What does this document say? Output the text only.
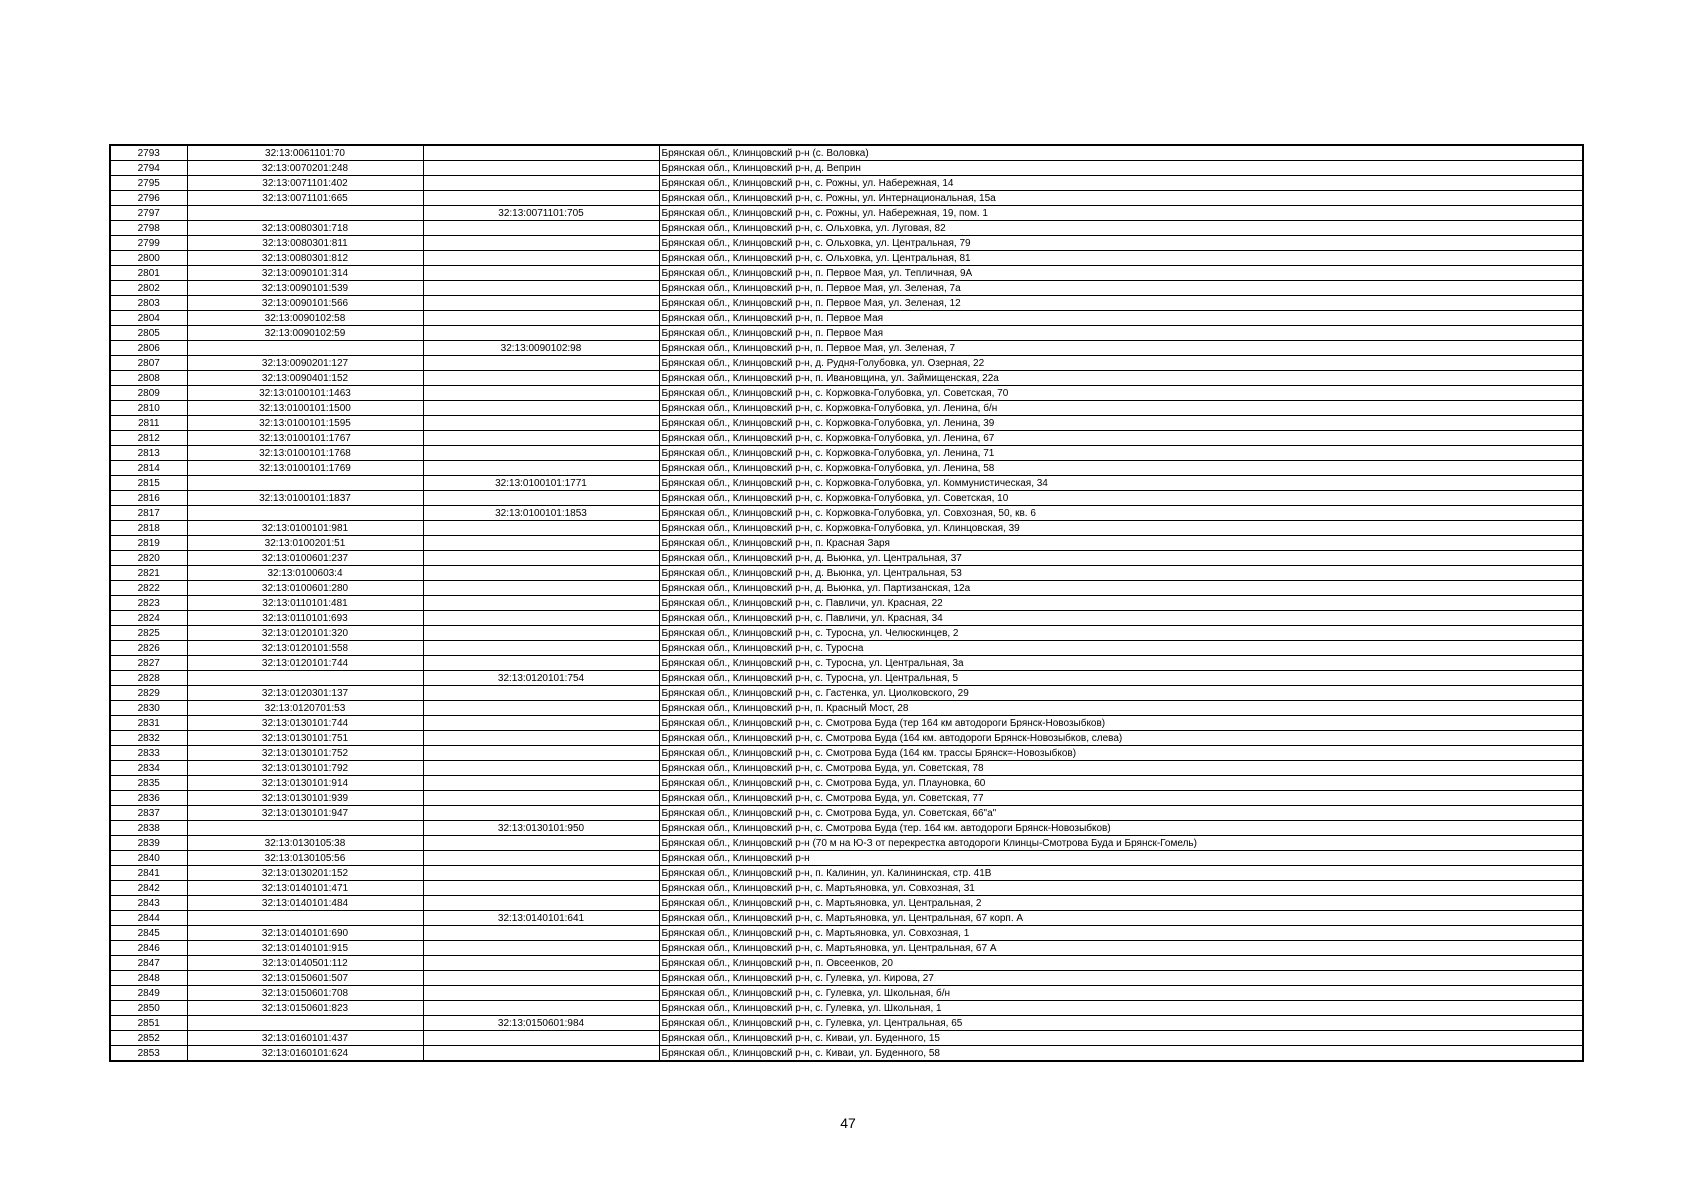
2793	32:13:0061101:70		Брянская обл., Клинцовский р-н (с. Воловка)
2794	32:13:0070201:248		Брянская обл., Клинцовский р-н, д. Веприн
2795	32:13:0071101:402		Брянская обл., Клинцовский р-н, с. Рожны, ул. Набережная, 14
2796	32:13:0071101:665		Брянская обл., Клинцовский р-н, с. Рожны, ул. Интернациональная, 15а
2797		32:13:0071101:705	Брянская обл., Клинцовский р-н, с. Рожны, ул. Набережная, 19, пом. 1
2798	32:13:0080301:718		Брянская обл., Клинцовский р-н, с. Ольховка, ул. Луговая, 82
2799	32:13:0080301:811		Брянская обл., Клинцовский р-н, с. Ольховка, ул. Центральная, 79
2800	32:13:0080301:812		Брянская обл., Клинцовский р-н, с. Ольховка, ул. Центральная, 81
2801	32:13:0090101:314		Брянская обл., Клинцовский р-н, п. Первое Мая, ул. Тепличная, 9А
2802	32:13:0090101:539		Брянская обл., Клинцовский р-н, п. Первое Мая, ул. Зеленая, 7а
2803	32:13:0090101:566		Брянская обл., Клинцовский р-н, п. Первое Мая, ул. Зеленая, 12
2804	32:13:0090102:58		Брянская обл., Клинцовский р-н, п. Первое Мая
2805	32:13:0090102:59		Брянская обл., Клинцовский р-н, п. Первое Мая
2806		32:13:0090102:98	Брянская обл., Клинцовский р-н, п. Первое Мая, ул. Зеленая, 7
2807	32:13:0090201:127		Брянская обл., Клинцовский р-н, д. Рудня-Голубовка, ул. Озерная, 22
2808	32:13:0090401:152		Брянская обл., Клинцовский р-н, п. Ивановщина, ул. Займищенская, 22а
2809	32:13:0100101:1463		Брянская обл., Клинцовский р-н, с. Коржовка-Голубовка, ул. Советская, 70
2810	32:13:0100101:1500		Брянская обл., Клинцовский р-н, с. Коржовка-Голубовка, ул. Ленина, б/н
2811	32:13:0100101:1595		Брянская обл., Клинцовский р-н, с. Коржовка-Голубовка, ул. Ленина, 39
2812	32:13:0100101:1767		Брянская обл., Клинцовский р-н, с. Коржовка-Голубовка, ул. Ленина, 67
2813	32:13:0100101:1768		Брянская обл., Клинцовский р-н, с. Коржовка-Голубовка, ул. Ленина, 71
2814	32:13:0100101:1769		Брянская обл., Клинцовский р-н, с. Коржовка-Голубовка, ул. Ленина, 58
2815		32:13:0100101:1771	Брянская обл., Клинцовский р-н, с. Коржовка-Голубовка, ул. Коммунистическая, 34
2816	32:13:0100101:1837		Брянская обл., Клинцовский р-н, с. Коржовка-Голубовка, ул. Советская, 10
2817		32:13:0100101:1853	Брянская обл., Клинцовский р-н, с. Коржовка-Голубовка, ул. Совхозная, 50, кв. 6
2818	32:13:0100101:981		Брянская обл., Клинцовский р-н, с. Коржовка-Голубовка, ул. Клинцовская, 39
2819	32:13:0100201:51		Брянская обл., Клинцовский р-н, п. Красная Заря
2820	32:13:0100601:237		Брянская обл., Клинцовский р-н, д. Вьюнка, ул. Центральная, 37
2821	32:13:0100603:4		Брянская обл., Клинцовский р-н, д. Вьюнка, ул. Центральная, 53
2822	32:13:0100601:280		Брянская обл., Клинцовский р-н, д. Вьюнка, ул. Партизанская, 12а
2823	32:13:0110101:481		Брянская обл., Клинцовский р-н, с. Павличи, ул. Красная, 22
2824	32:13:0110101:693		Брянская обл., Клинцовский р-н, с. Павличи, ул. Красная, 34
2825	32:13:0120101:320		Брянская обл., Клинцовский р-н, с. Туросна, ул. Челюскинцев, 2
2826	32:13:0120101:558		Брянская обл., Клинцовский р-н, с. Туросна
2827	32:13:0120101:744		Брянская обл., Клинцовский р-н, с. Туросна, ул. Центральная, 3а
2828		32:13:0120101:754	Брянская обл., Клинцовский р-н, с. Туросна, ул. Центральная, 5
2829	32:13:0120301:137		Брянская обл., Клинцовский р-н, с. Гастенка, ул. Циолковского, 29
2830	32:13:0120701:53		Брянская обл., Клинцовский р-н, п. Красный Мост, 28
2831	32:13:0130101:744		Брянская обл., Клинцовский р-н, с. Смотрова Буда (тер 164 км автодороги Брянск-Новозыбков)
2832	32:13:0130101:751		Брянская обл., Клинцовский р-н, с. Смотрова Буда (164 км. автодороги Брянск-Новозыбков, слева)
2833	32:13:0130101:752		Брянская обл., Клинцовский р-н, с. Смотрова Буда (164 км. трассы Брянск=-Новозыбков)
2834	32:13:0130101:792		Брянская обл., Клинцовский р-н, с. Смотрова Буда, ул. Советская, 78
2835	32:13:0130101:914		Брянская обл., Клинцовский р-н, с. Смотрова Буда, ул. Плауновка, 60
2836	32:13:0130101:939		Брянская обл., Клинцовский р-н, с. Смотрова Буда, ул. Советская, 77
2837	32:13:0130101:947		Брянская обл., Клинцовский р-н, с. Смотрова Буда, ул. Советская, 66"а"
2838		32:13:0130101:950	Брянская обл., Клинцовский р-н, с. Смотрова Буда (тер. 164 км. автодороги Брянск-Новозыбков)
2839	32:13:0130105:38		Брянская обл., Клинцовский р-н (70 м на Ю-З от перекрестка автодороги Клинцы-Смотрова Буда и Брянск-Гомель)
2840	32:13:0130105:56		Брянская обл., Клинцовский р-н
2841	32:13:0130201:152		Брянская обл., Клинцовский р-н, п. Калинин, ул. Калининская, стр. 41В
2842	32:13:0140101:471		Брянская обл., Клинцовский р-н, с. Мартьяновка, ул. Совхозная, 31
2843	32:13:0140101:484		Брянская обл., Клинцовский р-н, с. Мартьяновка, ул. Центральная, 2
2844		32:13:0140101:641	Брянская обл., Клинцовский р-н, с. Мартьяновка, ул. Центральная, 67 корп. А
2845	32:13:0140101:690		Брянская обл., Клинцовский р-н, с. Мартьяновка, ул. Совхозная, 1
2846	32:13:0140101:915		Брянская обл., Клинцовский р-н, с. Мартьяновка, ул. Центральная, 67 А
2847	32:13:0140501:112		Брянская обл., Клинцовский р-н, п. Овсеенков, 20
2848	32:13:0150601:507		Брянская обл., Клинцовский р-н, с. Гулевка, ул. Кирова, 27
2849	32:13:0150601:708		Брянская обл., Клинцовский р-н, с. Гулевка, ул. Школьная, б/н
2850	32:13:0150601:823		Брянская обл., Клинцовский р-н, с. Гулевка, ул. Школьная, 1
2851		32:13:0150601:984	Брянская обл., Клинцовский р-н, с. Гулевка, ул. Центральная, 65
2852	32:13:0160101:437		Брянская обл., Клинцовский р-н, с. Киваи, ул. Буденного, 15
2853	32:13:0160101:624		Брянская обл., Клинцовский р-н, с. Киваи, ул. Буденного, 58
47
